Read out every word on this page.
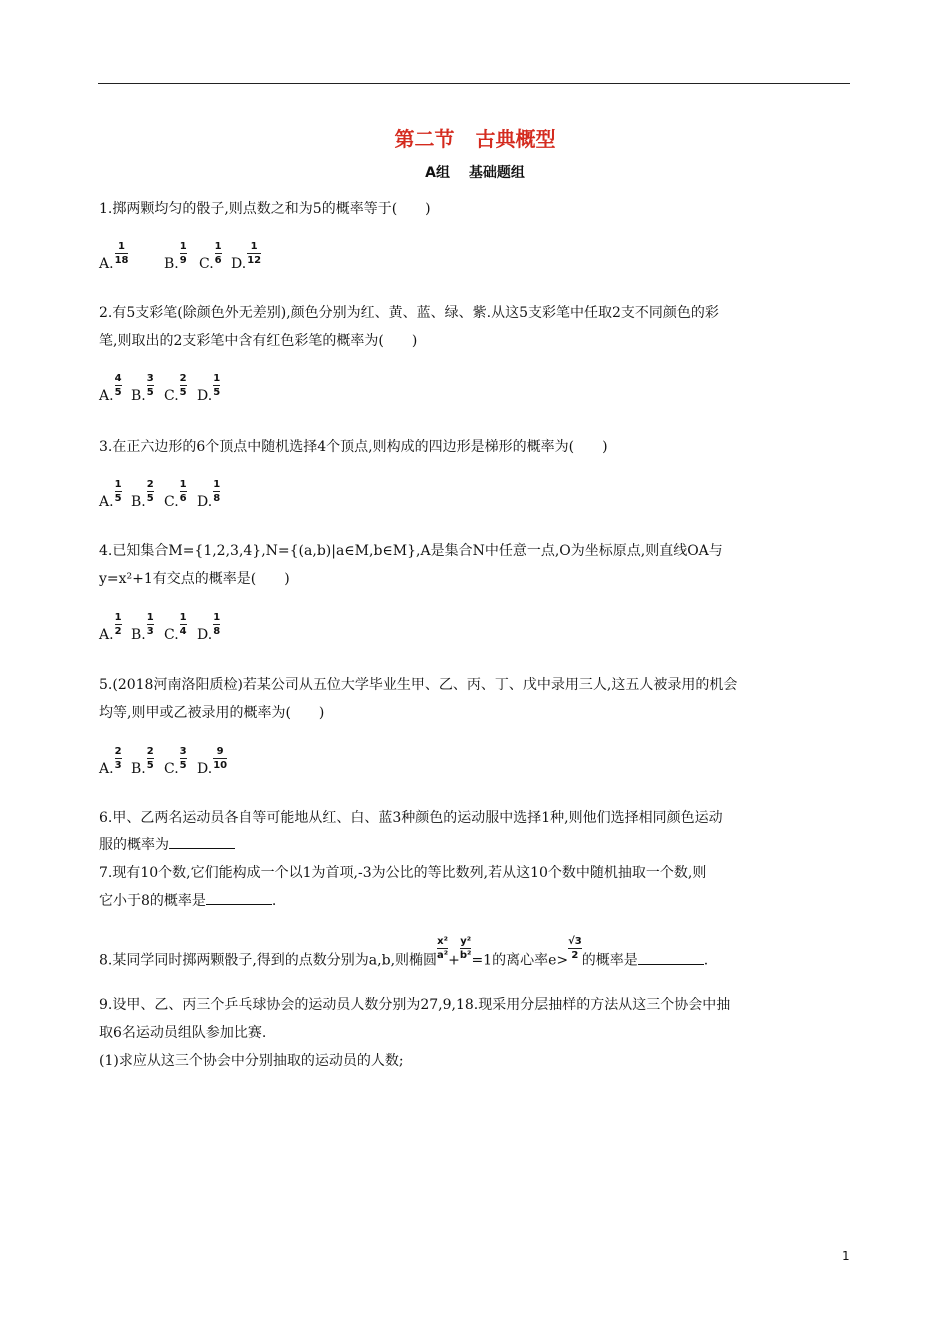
第二节 古典概型
A组 基础题组
1.掷两颗均匀的骰子,则点数之和为5的概率等于(　　)
A. $\frac{1}{18}$	B. $\frac{1}{9} C$. $\frac{1}{6} D$. $\frac{1}{12}$
2.有5支彩笔(除颜色外无差别),颜色分别为红、黄、蓝、绿、紫.从这5支彩笔中任取2支不同颜色的彩
笔,则取出的2支彩笔中含有红色彩笔的概率为(　　)
A. $\frac{4}{5} B$. $\frac{3}{5} C$. $\frac{2}{5} D$. $\frac{1}{5}$
3.在正六边形的6个顶点中随机选择4个顶点,则构成的四边形是梯形的概率为(　　)
A. $\frac{1}{5} B$. $\frac{2}{5} C$. $\frac{1}{6} D$. $\frac{1}{8}$
4.已知集合M={1,2,3,4},N={(a,b)|a∈M,b∈M},A是集合N中任意一点,O为坐标原点,则直线OA与
y=x²+1有交点的概率是(　　)
A. $\frac{1}{2} B$. $\frac{1}{3} C$. $\frac{1}{4} D$. $\frac{1}{8}$
5.(2018河南洛阳质检)若某公司从五位大学毕业生甲、乙、丙、丁、戊中录用三人,这五人被录用的机会
均等,则甲或乙被录用的概率为(　　)
A. $\frac{2}{3} B$. $\frac{2}{5} C$. $\frac{3}{5} D$. $\frac{9}{10}$
6.甲、乙两名运动员各自等可能地从红、白、蓝3种颜色的运动服中选择1种,则他们选择相同颜色运动
服的概率为
7.现有10个数,它们能构成一个以1为首项,-3为公比的等比数列,若从这10个数中随机抽取一个数,则
它小于8的概率是	.
8.某同学同时掷两颗骰子,得到的点数分别为a,b,则椭圆 $\frac{\text{x²}}{\text{a²}} + \frac{\text{y²}}{\text{b²}} =1$的离心率$e> \frac{√3}{2}$ 的概率是	.
9.设甲、乙、丙三个乒乓球协会的运动员人数分别为27,9,18.现采用分层抽样的方法从这三个协会中抽
取6名运动员组队参加比赛.
(1)求应从这三个协会中分别抽取的运动员的人数;
1
